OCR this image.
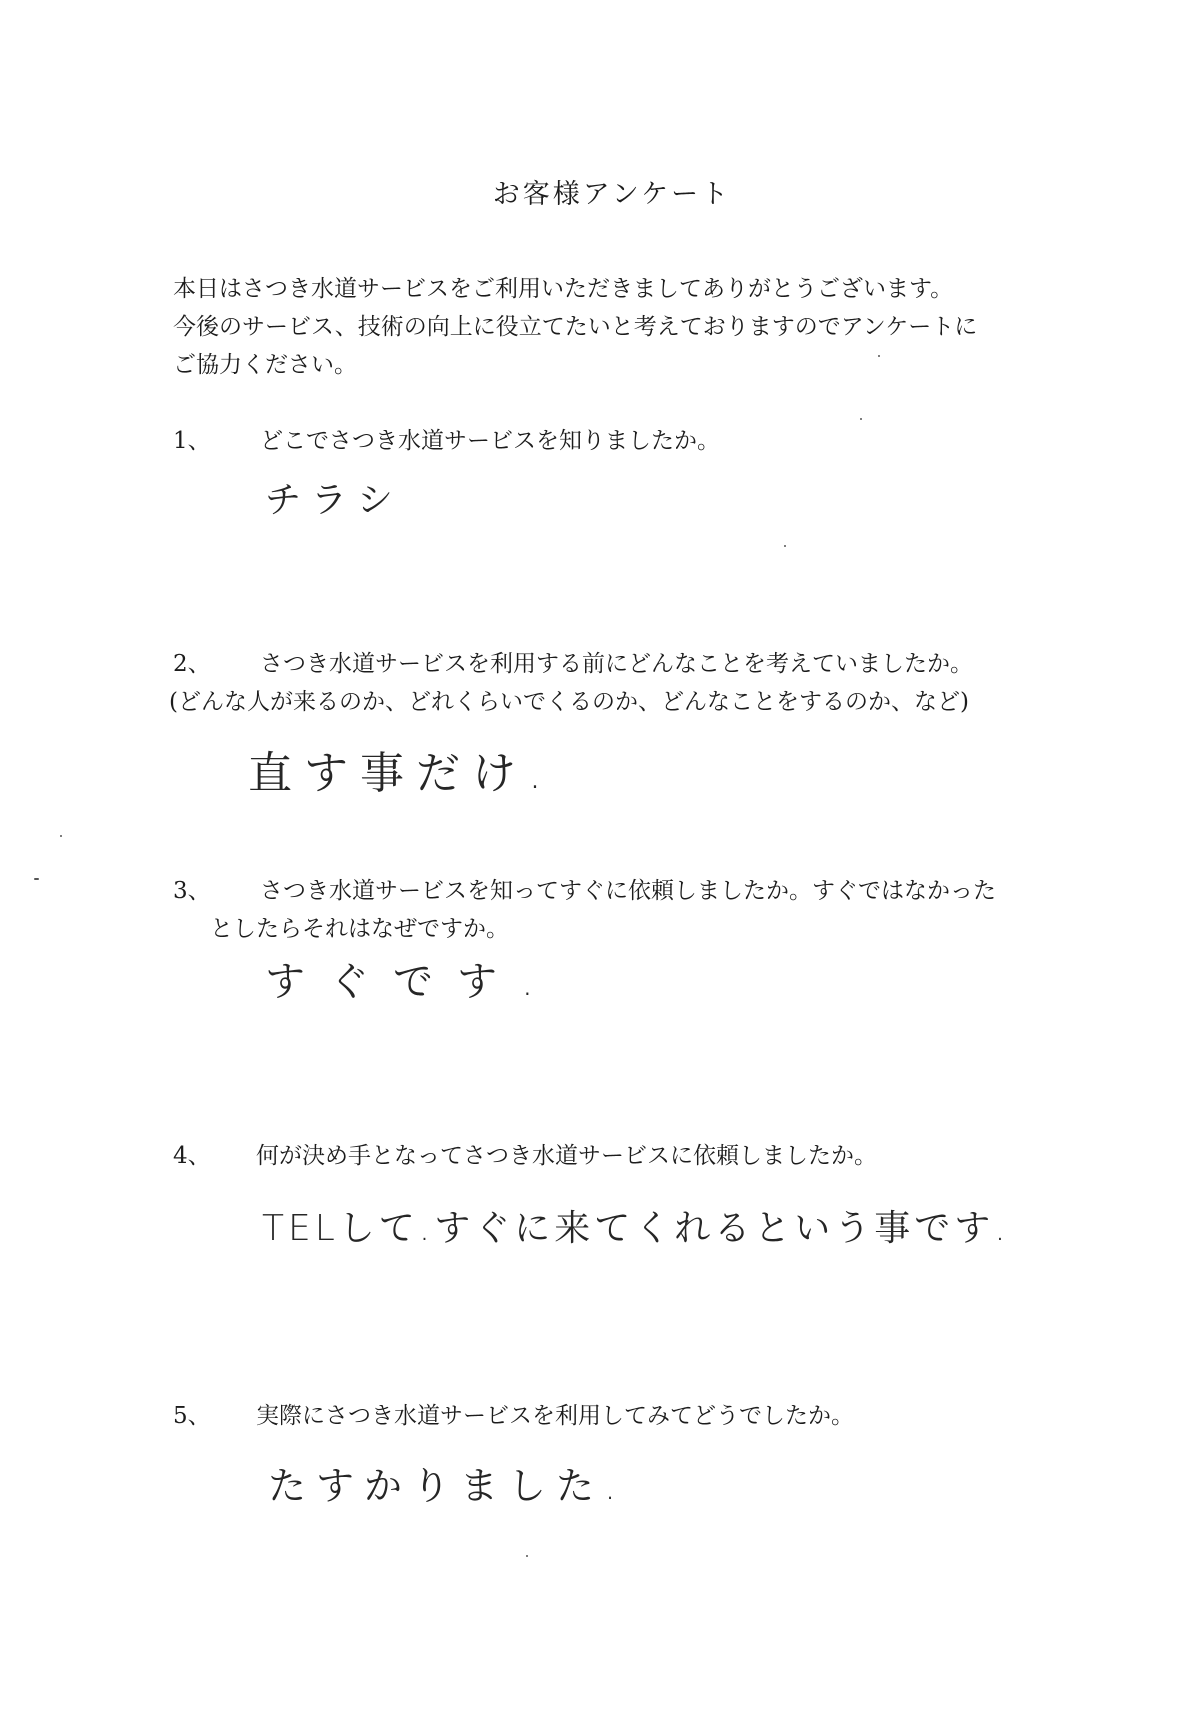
お客様アンケート
本日はさつき水道サービスをご利用いただきましてありがとうございます。
今後のサービス、技術の向上に役立てたいと考えておりますのでアンケートに
ご協力ください。
1、 どこでさつき水道サービスを知りましたか。
チラシ
2、 さつき水道サービスを利用する前にどんなことを考えていましたか。
(どんな人が来るのか、どれくらいでくるのか、どんなことをするのか、など)
直す事だけ.
3、 さつき水道サービスを知ってすぐに依頼しましたか。すぐではなかった
としたらそれはなぜですか。
すぐです.
4、 何が決め手となってさつき水道サービスに依頼しましたか。
TELして.すぐに来てくれるという事です.
5、 実際にさつき水道サービスを利用してみてどうでしたか。
たすかりました.
